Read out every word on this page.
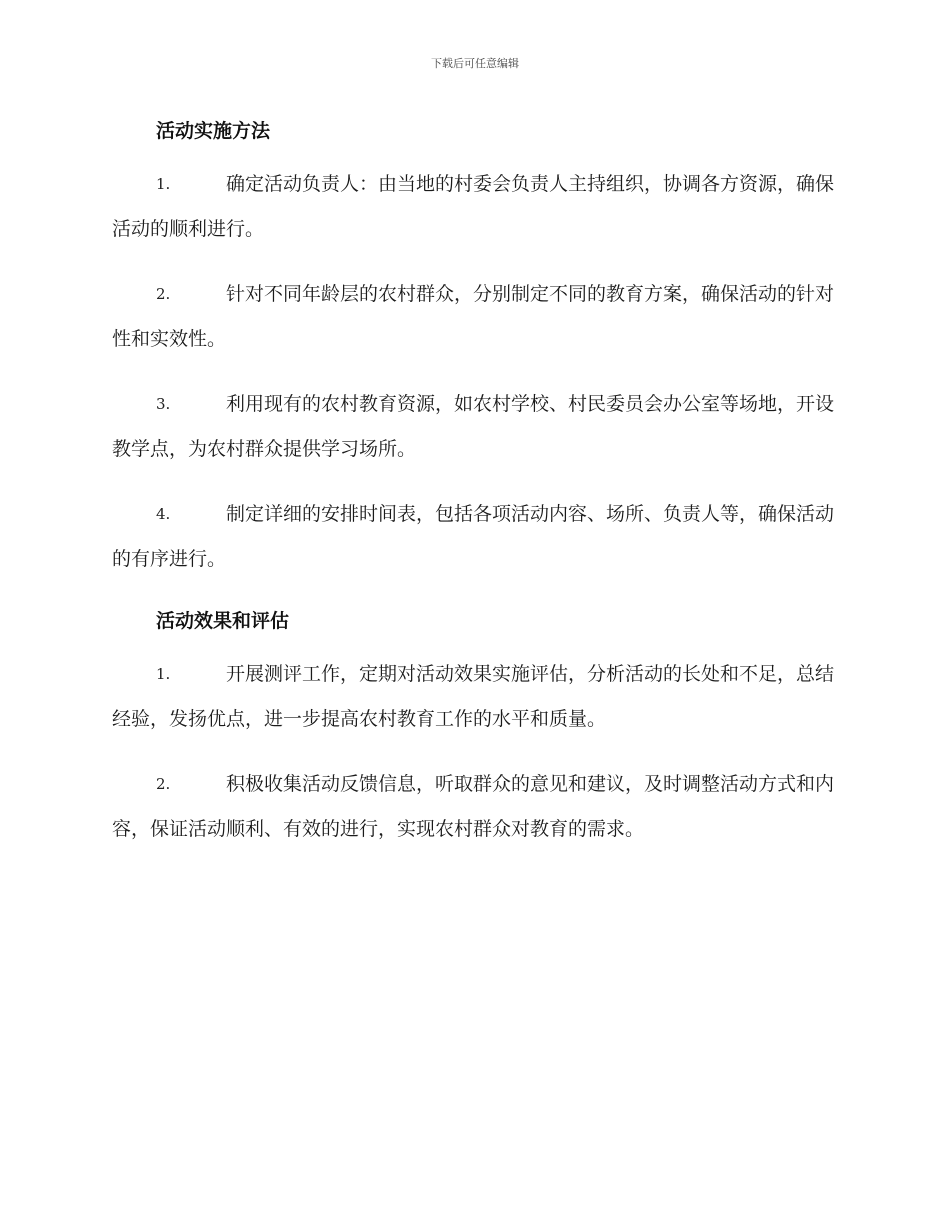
下载后可任意编辑
活动实施方法
1.	确定活动负责人：由当地的村委会负责人主持组织，协调各方资源，确保活动的顺利进行。
2.	针对不同年龄层的农村群众，分别制定不同的教育方案，确保活动的针对性和实效性。
3.	利用现有的农村教育资源，如农村学校、村民委员会办公室等场地，开设教学点，为农村群众提供学习场所。
4.	制定详细的安排时间表，包括各项活动内容、场所、负责人等，确保活动的有序进行。
活动效果和评估
1.	开展测评工作，定期对活动效果实施评估，分析活动的长处和不足，总结经验，发扬优点，进一步提高农村教育工作的水平和质量。
2.	积极收集活动反馈信息，听取群众的意见和建议，及时调整活动方式和内容，保证活动顺利、有效的进行，实现农村群众对教育的需求。
